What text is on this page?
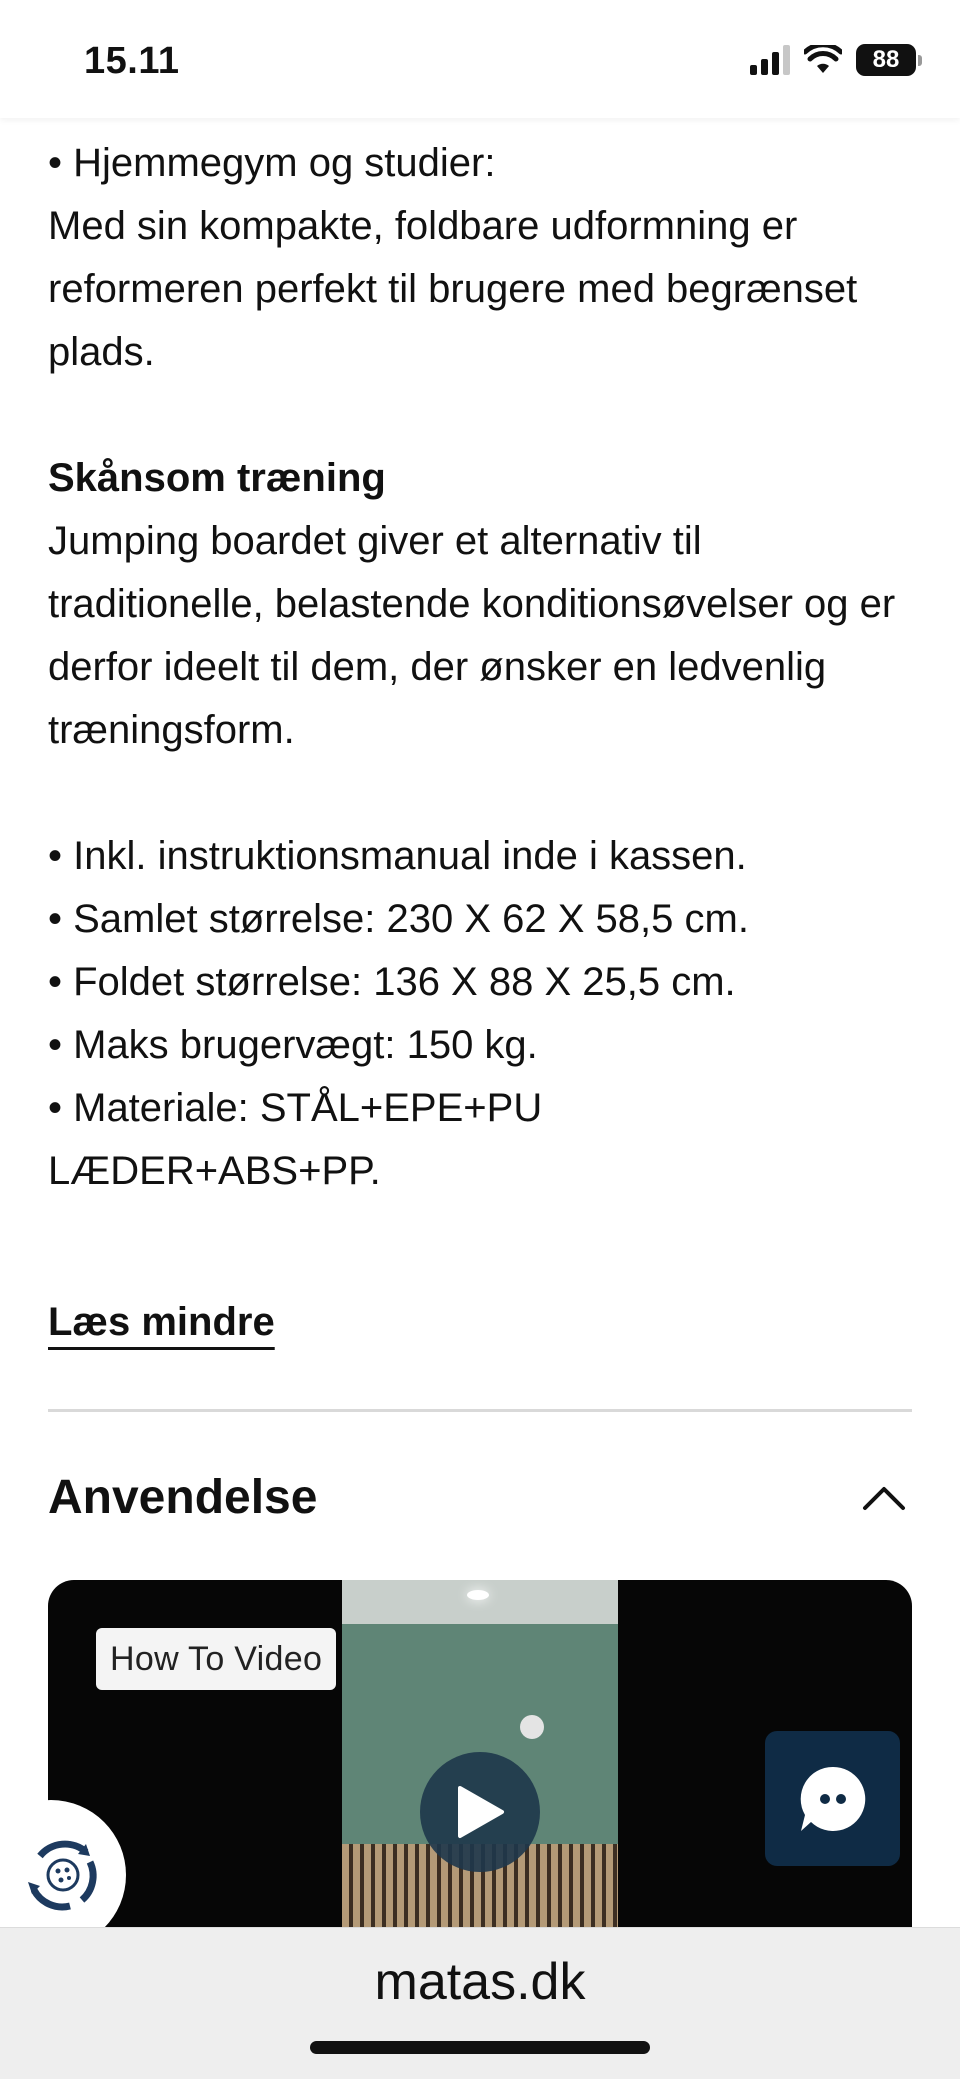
15.11	88
• Hjemmegym og studier:
Med sin kompakte, foldbare udformning er reformeren perfekt til brugere med begrænset plads.
Skånsom træning
Jumping boardet giver et alternativ til traditionelle, belastende konditionsøvelser og er derfor ideelt til dem, der ønsker en ledvenlig træningsform.
• Inkl. instruktionsmanual inde i kassen.
• Samlet størrelse: 230 X 62 X 58,5 cm.
• Foldet størrelse: 136 X 88 X 25,5 cm.
• Maks brugervægt: 150 kg.
• Materiale: STÅL+EPE+PU LÆDER+ABS+PP.
Læs mindre
Anvendelse
How To Video
matas.dk
